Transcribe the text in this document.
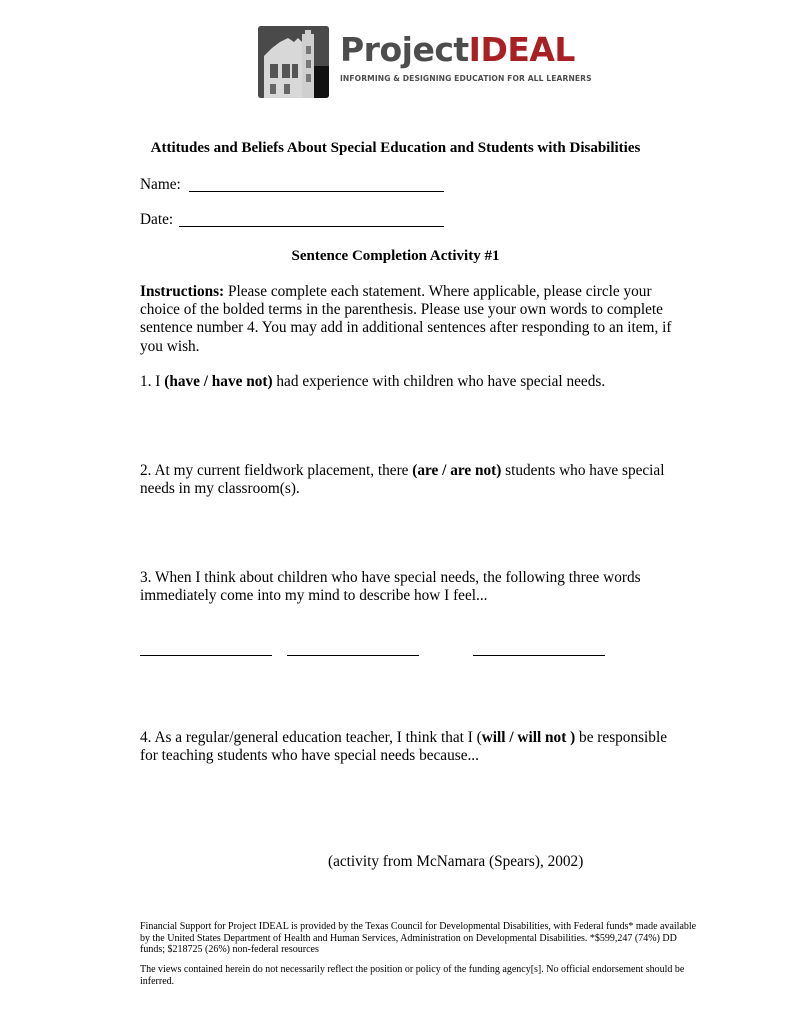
ProjectIDEAL
INFORMING & DESIGNING EDUCATION FOR ALL LEARNERS
Attitudes and Beliefs About Special Education and Students with Disabilities
Name:
Date:
Sentence Completion Activity #1
Instructions: Please complete each statement. Where applicable, please circle your choice of the bolded terms in the parenthesis. Please use your own words to complete sentence number 4. You may add in additional sentences after responding to an item, if you wish.
1. I (have / have not) had experience with children who have special needs.
2. At my current fieldwork placement, there (are / are not) students who have special needs in my classroom(s).
3. When I think about children who have special needs, the following three words immediately come into my mind to describe how I feel...
4. As a regular/general education teacher, I think that I (will / will not ) be responsible for teaching students who have special needs because...
(activity from McNamara (Spears), 2002)
Financial Support for Project IDEAL is provided by the Texas Council for Developmental Disabilities, with Federal funds* made available by the United States Department of Health and Human Services, Administration on Developmental Disabilities. *$599,247 (74%) DD funds; $218725 (26%) non-federal resources
The views contained herein do not necessarily reflect the position or policy of the funding agency[s]. No official endorsement should be inferred.
